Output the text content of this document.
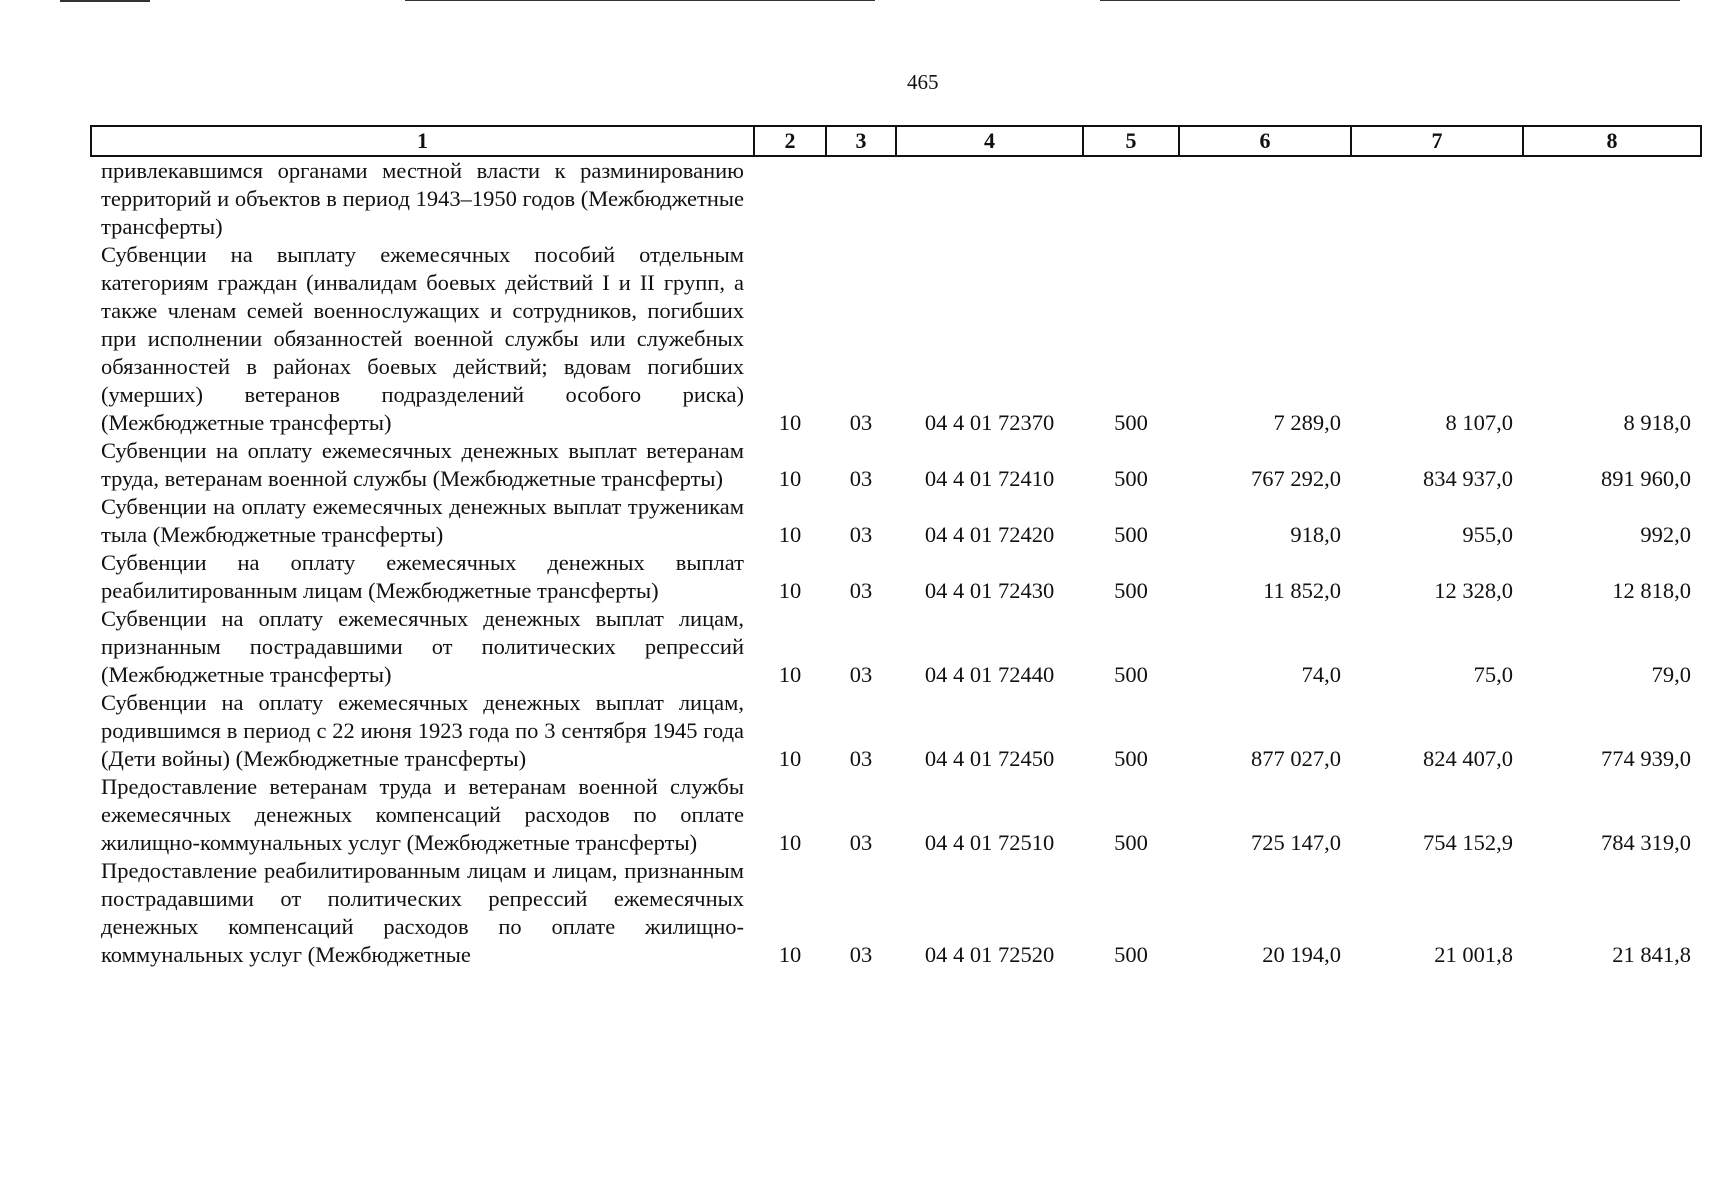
465
1	2	3	4	5	6	7	8
привлекавшимся органами местной власти к разминированию территорий и объектов в период 1943–1950 годов (Межбюджетные трансферты)							
Субвенции на выплату ежемесячных пособий отдельным категориям граждан (инвалидам боевых действий I и II групп, а также членам семей военнослужащих и сотрудников, погибших при исполнении обязанностей военной службы или служебных обязанностей в районах боевых действий; вдовам погибших (умерших) ветеранов подразделений особого риска) (Межбюджетные трансферты)	10	03	04 4 01 72370	500	7 289,0	8 107,0	8 918,0
Субвенции на оплату ежемесячных денежных выплат ветеранам труда, ветеранам военной службы (Межбюджетные трансферты)	10	03	04 4 01 72410	500	767 292,0	834 937,0	891 960,0
Субвенции на оплату ежемесячных денежных выплат труженикам тыла (Межбюджетные трансферты)	10	03	04 4 01 72420	500	918,0	955,0	992,0
Субвенции на оплату ежемесячных денежных выплат реабилитированным лицам (Межбюджетные трансферты)	10	03	04 4 01 72430	500	11 852,0	12 328,0	12 818,0
Субвенции на оплату ежемесячных денежных выплат лицам, признанным пострадавшими от политических репрессий (Межбюджетные трансферты)	10	03	04 4 01 72440	500	74,0	75,0	79,0
Субвенции на оплату ежемесячных денежных выплат лицам, родившимся в период с 22 июня 1923 года по 3 сентября 1945 года (Дети войны) (Межбюджетные трансферты)	10	03	04 4 01 72450	500	877 027,0	824 407,0	774 939,0
Предоставление ветеранам труда и ветеранам военной службы ежемесячных денежных компенсаций расходов по оплате жилищно-коммунальных услуг (Межбюджетные трансферты)	10	03	04 4 01 72510	500	725 147,0	754 152,9	784 319,0
Предоставление реабилитированным лицам и лицам, признанным пострадавшими от политических репрессий ежемесячных денежных компенсаций расходов по оплате жилищно-коммунальных услуг (Межбюджетные	10	03	04 4 01 72520	500	20 194,0	21 001,8	21 841,8
